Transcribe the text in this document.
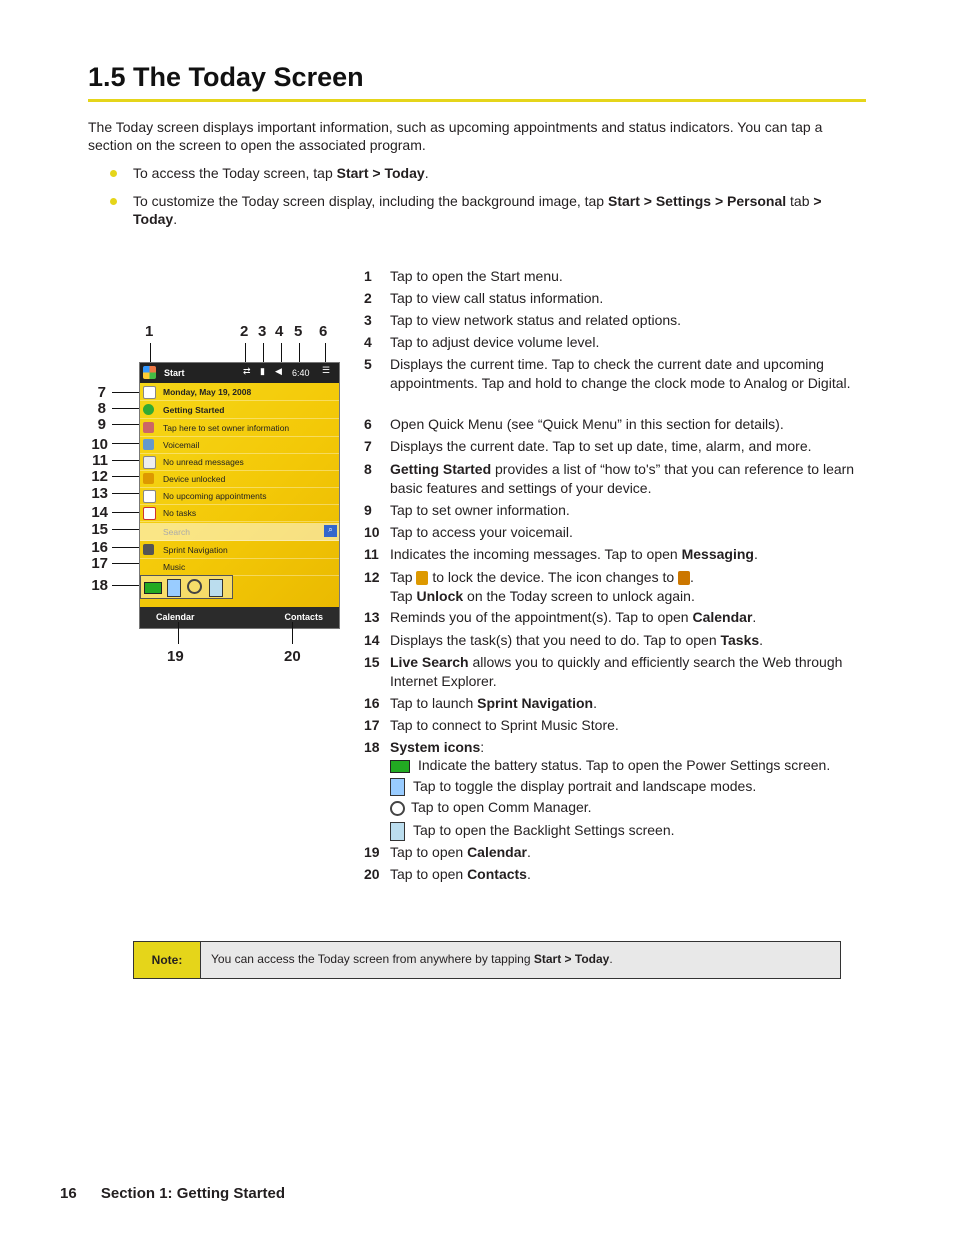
1.5 The Today Screen
The Today screen displays important information, such as upcoming appointments and status indicators. You can tap a section on the screen to open the associated program.
To access the Today screen, tap Start > Today.
To customize the Today screen display, including the background image, tap Start > Settings > Personal tab > Today.
1	2 3 4 5 6
7
8
9
10
11
12
13
14
15
16
17
18
Start	⇄ ▮ ◀ 6:40 ☰
Monday, May 19, 2008
Getting Started
Tap here to set owner information
Voicemail
No unread messages
Device unlocked
No upcoming appointments
No tasks
Search	⌕
Sprint Navigation
Music
Calendar	Contacts
19	20
1	Tap to open the Start menu.
2	Tap to view call status information.
3	Tap to view network status and related options.
4	Tap to adjust device volume level.
5	Displays the current time. Tap to check the current date and upcoming appointments. Tap and hold to change the clock mode to Analog or Digital.
6	Open Quick Menu (see “Quick Menu” in this section for details).
7	Displays the current date. Tap to set up date, time, alarm, and more.
8	Getting Started provides a list of “how to's” that you can reference to learn basic features and settings of your device.
9	Tap to set owner information.
10 Tap to access your voicemail.
11 Indicates the incoming messages. Tap to open Messaging.
12 Tap  to lock the device. The icon changes to .
Tap Unlock on the Today screen to unlock again.
13 Reminds you of the appointment(s). Tap to open Calendar.
14 Displays the task(s) that you need to do. Tap to open Tasks.
15 Live Search allows you to quickly and efficiently search the Web through Internet Explorer.
16 Tap to launch Sprint Navigation.
17 Tap to connect to Sprint Music Store.
18 System icons:
Indicate the battery status. Tap to open the Power Settings screen.
Tap to toggle the display portrait and landscape modes.
Tap to open Comm Manager.
Tap to open the Backlight Settings screen.
19 Tap to open Calendar.
20 Tap to open Contacts.
Note:	You can access the Today screen from anywhere by tapping Start > Today.
16 Section 1: Getting Started
